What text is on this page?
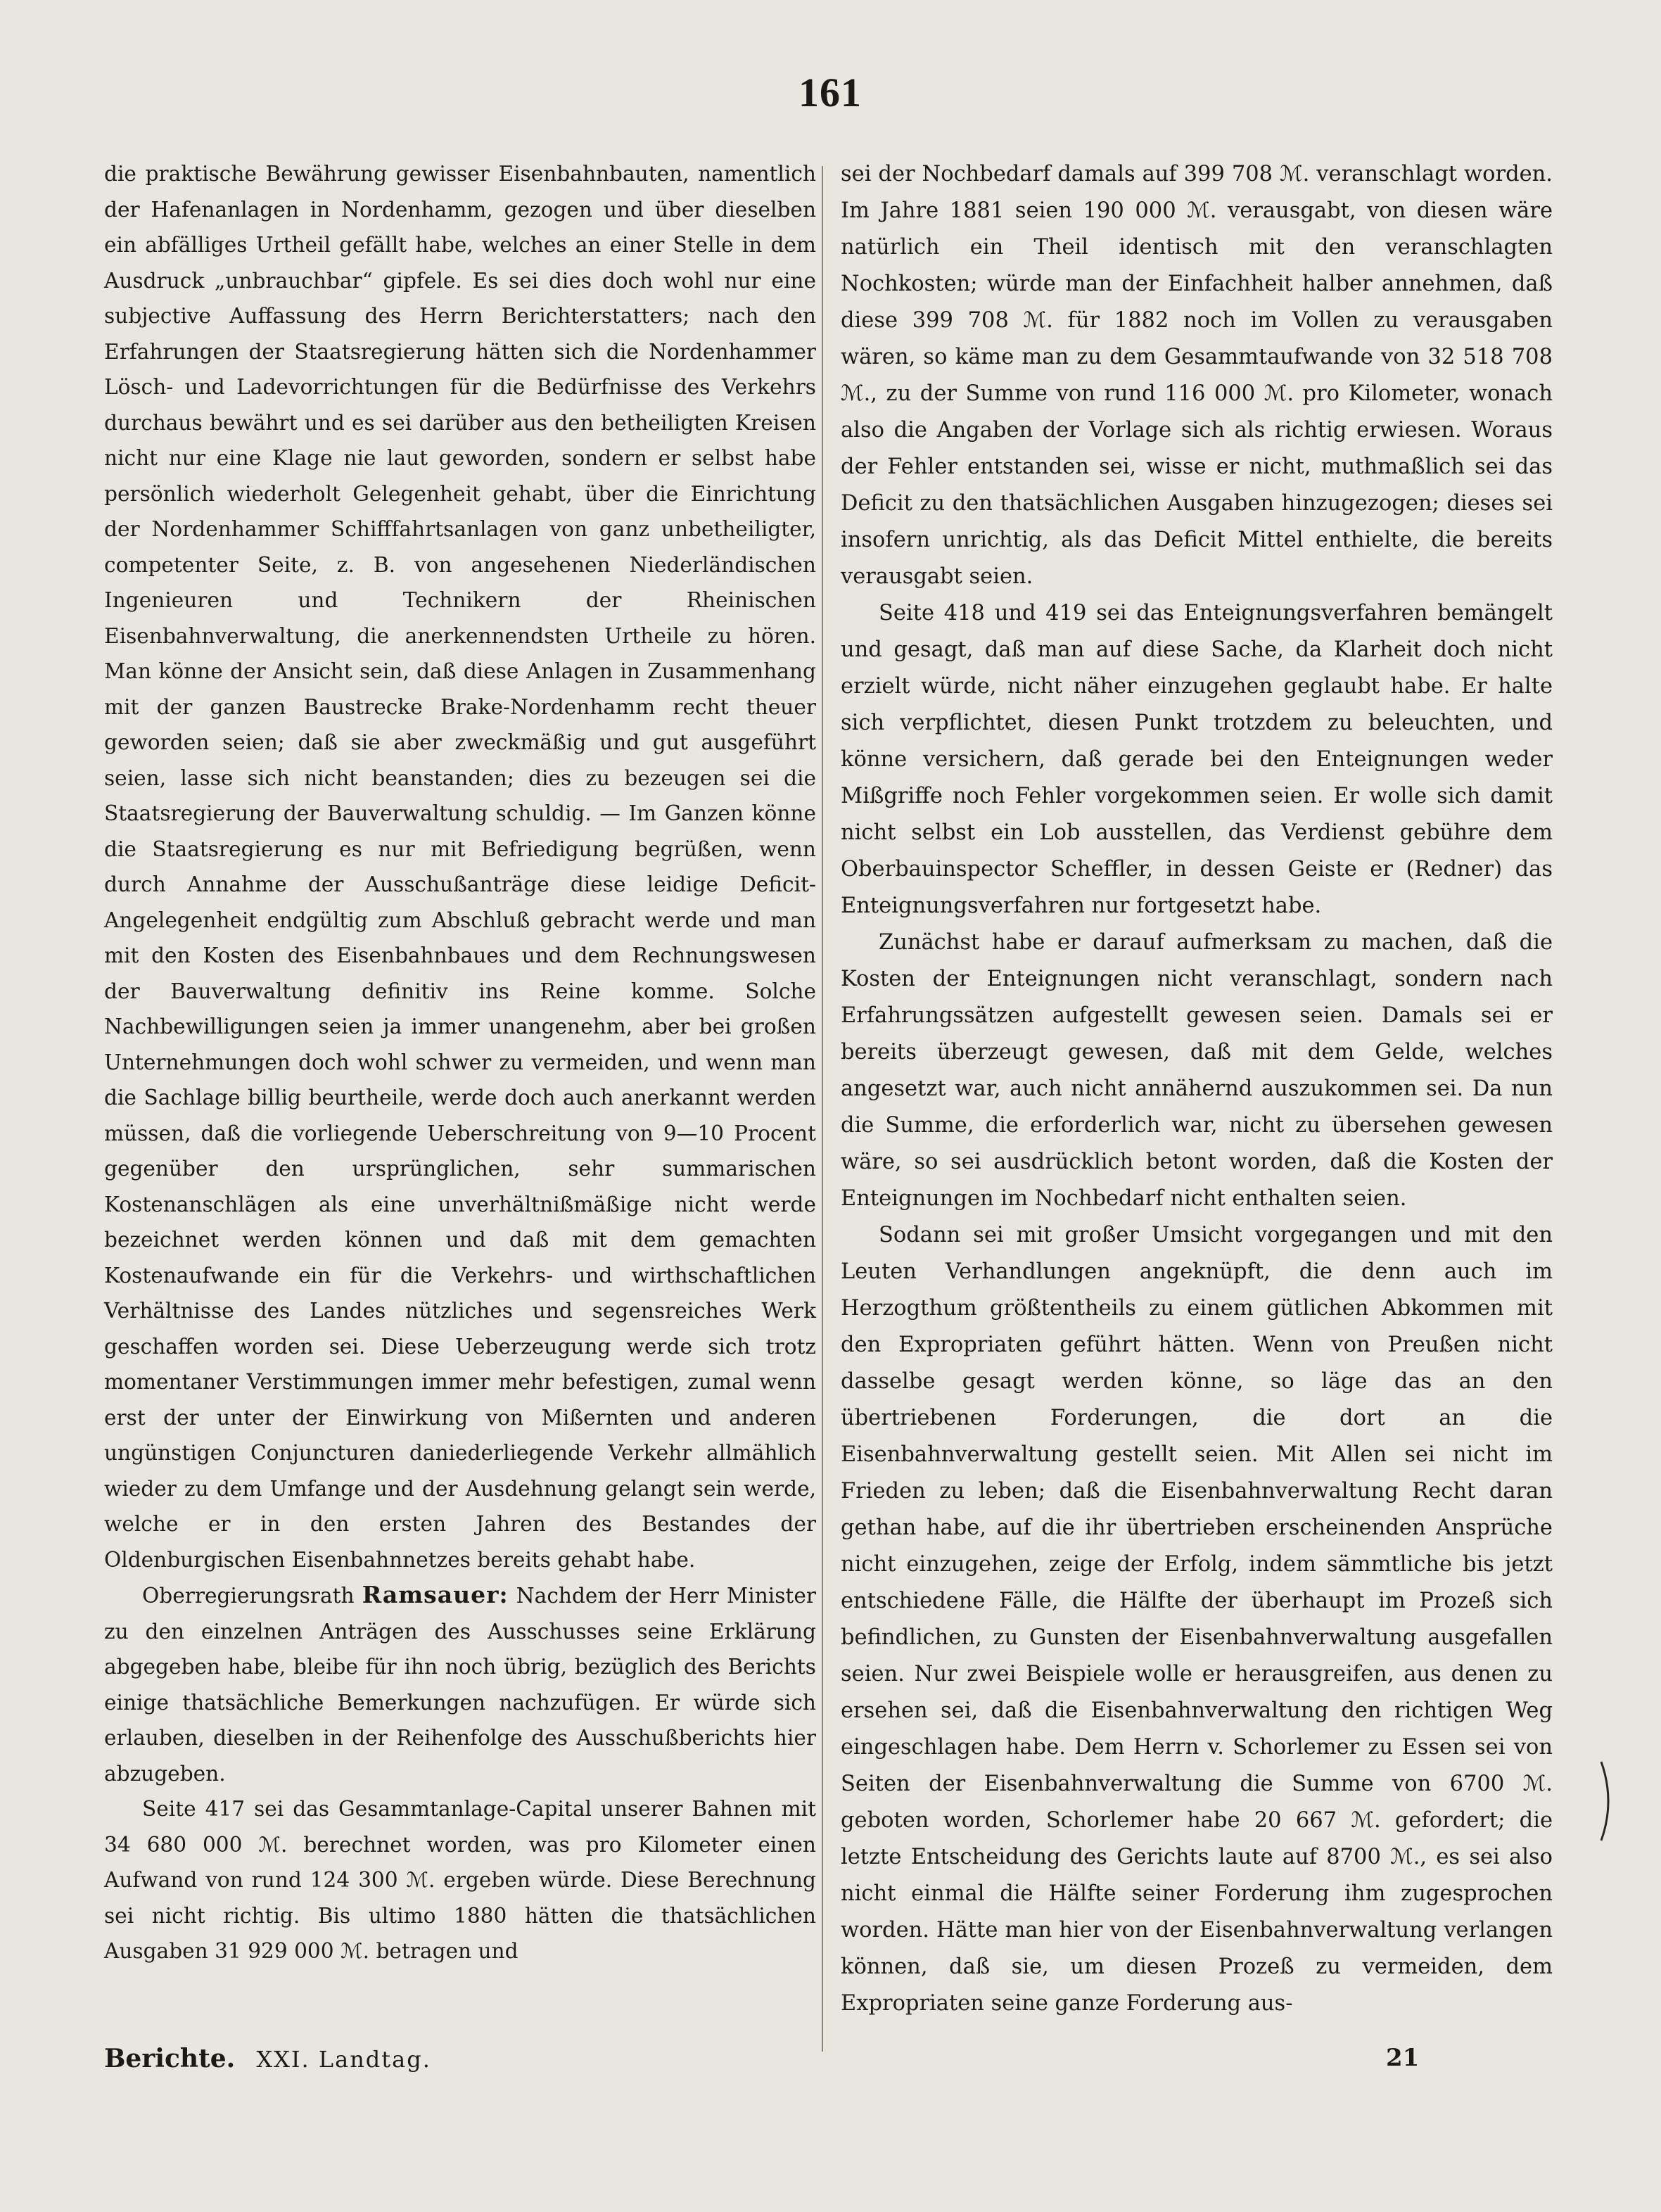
161

die praktische Bewährung gewisser Eisenbahnbauten, namentlich der Hafenanlagen in Nordenhamm, gezogen und über dieselben ein abfälliges Urtheil gefällt habe, welches an einer Stelle in dem Ausdruck „unbrauchbar“ gipfele. Es sei dies doch wohl nur eine subjective Auffassung des Herrn Berichterstatters; nach den Erfahrungen der Staatsregierung hätten sich die Nordenhammer Lösch- und Ladevorrichtungen für die Bedürfnisse des Verkehrs durchaus bewährt und es sei darüber aus den betheiligten Kreisen nicht nur eine Klage nie laut geworden, sondern er selbst habe persönlich wiederholt Gelegenheit gehabt, über die Einrichtung der Nordenhammer Schifffahrtsanlagen von ganz unbetheiligter, competenter Seite, z. B. von angesehenen Niederländischen Ingenieuren und Technikern der Rheinischen Eisenbahnverwaltung, die anerkennendsten Urtheile zu hören. Man könne der Ansicht sein, daß diese Anlagen in Zusammenhang mit der ganzen Baustrecke Brake-Nordenhamm recht theuer geworden seien; daß sie aber zweckmäßig und gut ausgeführt seien, lasse sich nicht beanstanden; dies zu bezeugen sei die Staatsregierung der Bauverwaltung schuldig. — Im Ganzen könne die Staatsregierung es nur mit Befriedigung begrüßen, wenn durch Annahme der Ausschußanträge diese leidige Deficit-Angelegenheit endgültig zum Abschluß gebracht werde und man mit den Kosten des Eisenbahnbaues und dem Rechnungswesen der Bauverwaltung definitiv ins Reine komme. Solche Nachbewilligungen seien ja immer unangenehm, aber bei großen Unternehmungen doch wohl schwer zu vermeiden, und wenn man die Sachlage billig beurtheile, werde doch auch anerkannt werden müssen, daß die vorliegende Ueberschreitung von 9—10 Procent gegenüber den ursprünglichen, sehr summarischen Kostenanschlägen als eine unverhältnißmäßige nicht werde bezeichnet werden können und daß mit dem gemachten Kostenaufwande ein für die Verkehrs- und wirthschaftlichen Verhältnisse des Landes nützliches und segensreiches Werk geschaffen worden sei. Diese Ueberzeugung werde sich trotz momentaner Verstimmungen immer mehr befestigen, zumal wenn erst der unter der Einwirkung von Mißernten und anderen ungünstigen Conjuncturen daniederliegende Verkehr allmählich wieder zu dem Umfange und der Ausdehnung gelangt sein werde, welche er in den ersten Jahren des Bestandes der Oldenburgischen Eisenbahnnetzes bereits gehabt habe.

Oberregierungsrath Ramsauer: Nachdem der Herr Minister zu den einzelnen Anträgen des Ausschusses seine Erklärung abgegeben habe, bleibe für ihn noch übrig, bezüglich des Berichts einige thatsächliche Bemerkungen nachzufügen. Er würde sich erlauben, dieselben in der Reihenfolge des Ausschußberichts hier abzugeben.

Seite 417 sei das Gesammtanlage-Capital unserer Bahnen mit 34 680 000 ℳ. berechnet worden, was pro Kilometer einen Aufwand von rund 124 300 ℳ. ergeben würde. Diese Berechnung sei nicht richtig. Bis ultimo 1880 hätten die thatsächlichen Ausgaben 31 929 000 ℳ. betragen und

sei der Nochbedarf damals auf 399 708 ℳ. veranschlagt worden. Im Jahre 1881 seien 190 000 ℳ. verausgabt, von diesen wäre natürlich ein Theil identisch mit den veranschlagten Nochkosten; würde man der Einfachheit halber annehmen, daß diese 399 708 ℳ. für 1882 noch im Vollen zu verausgaben wären, so käme man zu dem Gesammtaufwande von 32 518 708 ℳ., zu der Summe von rund 116 000 ℳ. pro Kilometer, wonach also die Angaben der Vorlage sich als richtig erwiesen. Woraus der Fehler entstanden sei, wisse er nicht, muthmaßlich sei das Deficit zu den thatsächlichen Ausgaben hinzugezogen; dieses sei insofern unrichtig, als das Deficit Mittel enthielte, die bereits verausgabt seien.

Seite 418 und 419 sei das Enteignungsverfahren bemängelt und gesagt, daß man auf diese Sache, da Klarheit doch nicht erzielt würde, nicht näher einzugehen geglaubt habe. Er halte sich verpflichtet, diesen Punkt trotzdem zu beleuchten, und könne versichern, daß gerade bei den Enteignungen weder Mißgriffe noch Fehler vorgekommen seien. Er wolle sich damit nicht selbst ein Lob ausstellen, das Verdienst gebühre dem Oberbauinspector Scheffler, in dessen Geiste er (Redner) das Enteignungsverfahren nur fortgesetzt habe.

Zunächst habe er darauf aufmerksam zu machen, daß die Kosten der Enteignungen nicht veranschlagt, sondern nach Erfahrungssätzen aufgestellt gewesen seien. Damals sei er bereits überzeugt gewesen, daß mit dem Gelde, welches angesetzt war, auch nicht annähernd auszukommen sei. Da nun die Summe, die erforderlich war, nicht zu übersehen gewesen wäre, so sei ausdrücklich betont worden, daß die Kosten der Enteignungen im Nochbedarf nicht enthalten seien.

Sodann sei mit großer Umsicht vorgegangen und mit den Leuten Verhandlungen angeknüpft, die denn auch im Herzogthum größtentheils zu einem gütlichen Abkommen mit den Expropriaten geführt hätten. Wenn von Preußen nicht dasselbe gesagt werden könne, so läge das an den übertriebenen Forderungen, die dort an die Eisenbahnverwaltung gestellt seien. Mit Allen sei nicht im Frieden zu leben; daß die Eisenbahnverwaltung Recht daran gethan habe, auf die ihr übertrieben erscheinenden Ansprüche nicht einzugehen, zeige der Erfolg, indem sämmtliche bis jetzt entschiedene Fälle, die Hälfte der überhaupt im Prozeß sich befindlichen, zu Gunsten der Eisenbahnverwaltung ausgefallen seien. Nur zwei Beispiele wolle er herausgreifen, aus denen zu ersehen sei, daß die Eisenbahnverwaltung den richtigen Weg eingeschlagen habe. Dem Herrn v. Schorlemer zu Essen sei von Seiten der Eisenbahnverwaltung die Summe von 6700 ℳ. geboten worden, Schorlemer habe 20 667 ℳ. gefordert; die letzte Entscheidung des Gerichts laute auf 8700 ℳ., es sei also nicht einmal die Hälfte seiner Forderung ihm zugesprochen worden. Hätte man hier von der Eisenbahnverwaltung verlangen können, daß sie, um diesen Prozeß zu vermeiden, dem Expropriaten seine ganze Forderung aus-

Berichte. XXI. Landtag.	21
